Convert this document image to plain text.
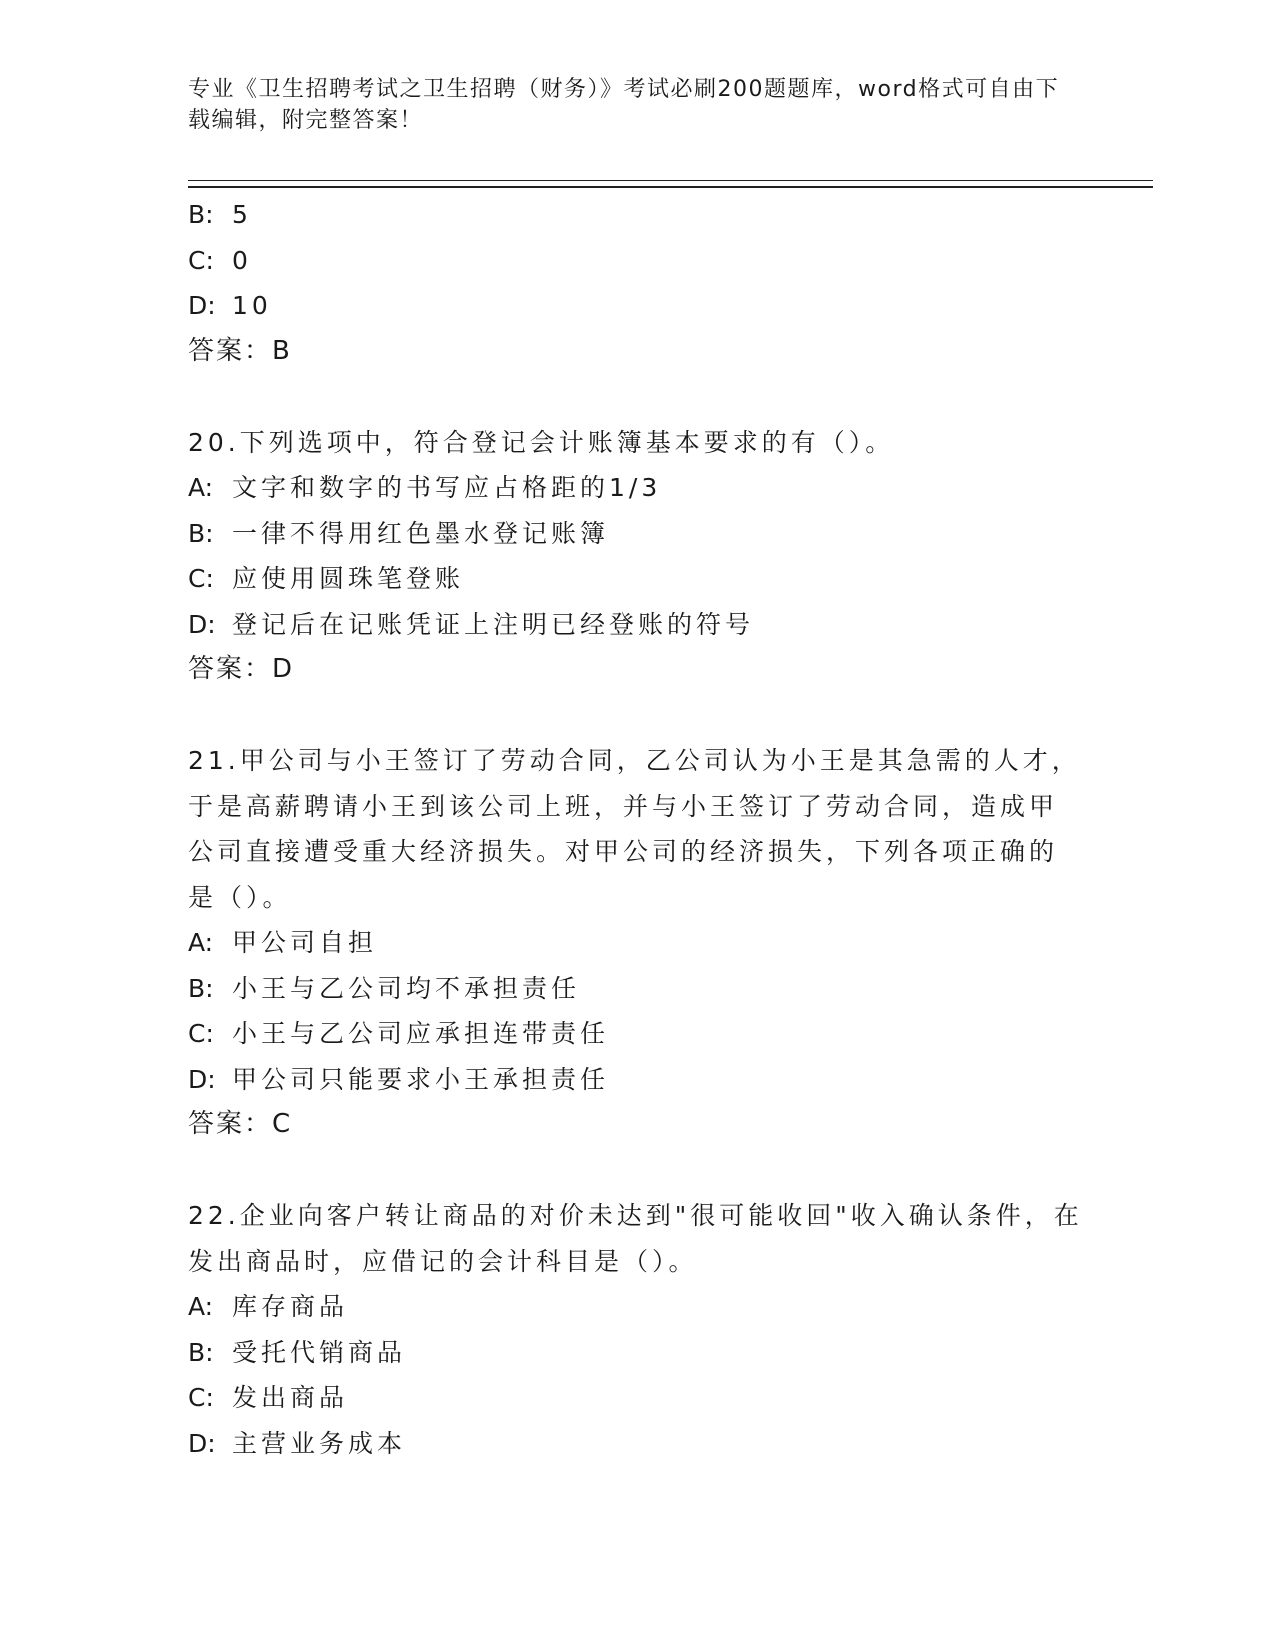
专业《卫生招聘考试之卫生招聘（财务）》考试必刷200题题库，word格式可自由下载编辑，附完整答案！
B: 5
C: 0
D: 10
答案：B
20.下列选项中，符合登记会计账簿基本要求的有（）。
A: 文字和数字的书写应占格距的1/3
B: 一律不得用红色墨水登记账簿
C: 应使用圆珠笔登账
D: 登记后在记账凭证上注明已经登账的符号
答案：D
21.甲公司与小王签订了劳动合同，乙公司认为小王是其急需的人才，
于是高薪聘请小王到该公司上班，并与小王签订了劳动合同，造成甲
公司直接遭受重大经济损失。对甲公司的经济损失，下列各项正确的
是（）。
A: 甲公司自担
B: 小王与乙公司均不承担责任
C: 小王与乙公司应承担连带责任
D: 甲公司只能要求小王承担责任
答案：C
22.企业向客户转让商品的对价未达到"很可能收回"收入确认条件，在
发出商品时，应借记的会计科目是（）。
A: 库存商品
B: 受托代销商品
C: 发出商品
D: 主营业务成本
